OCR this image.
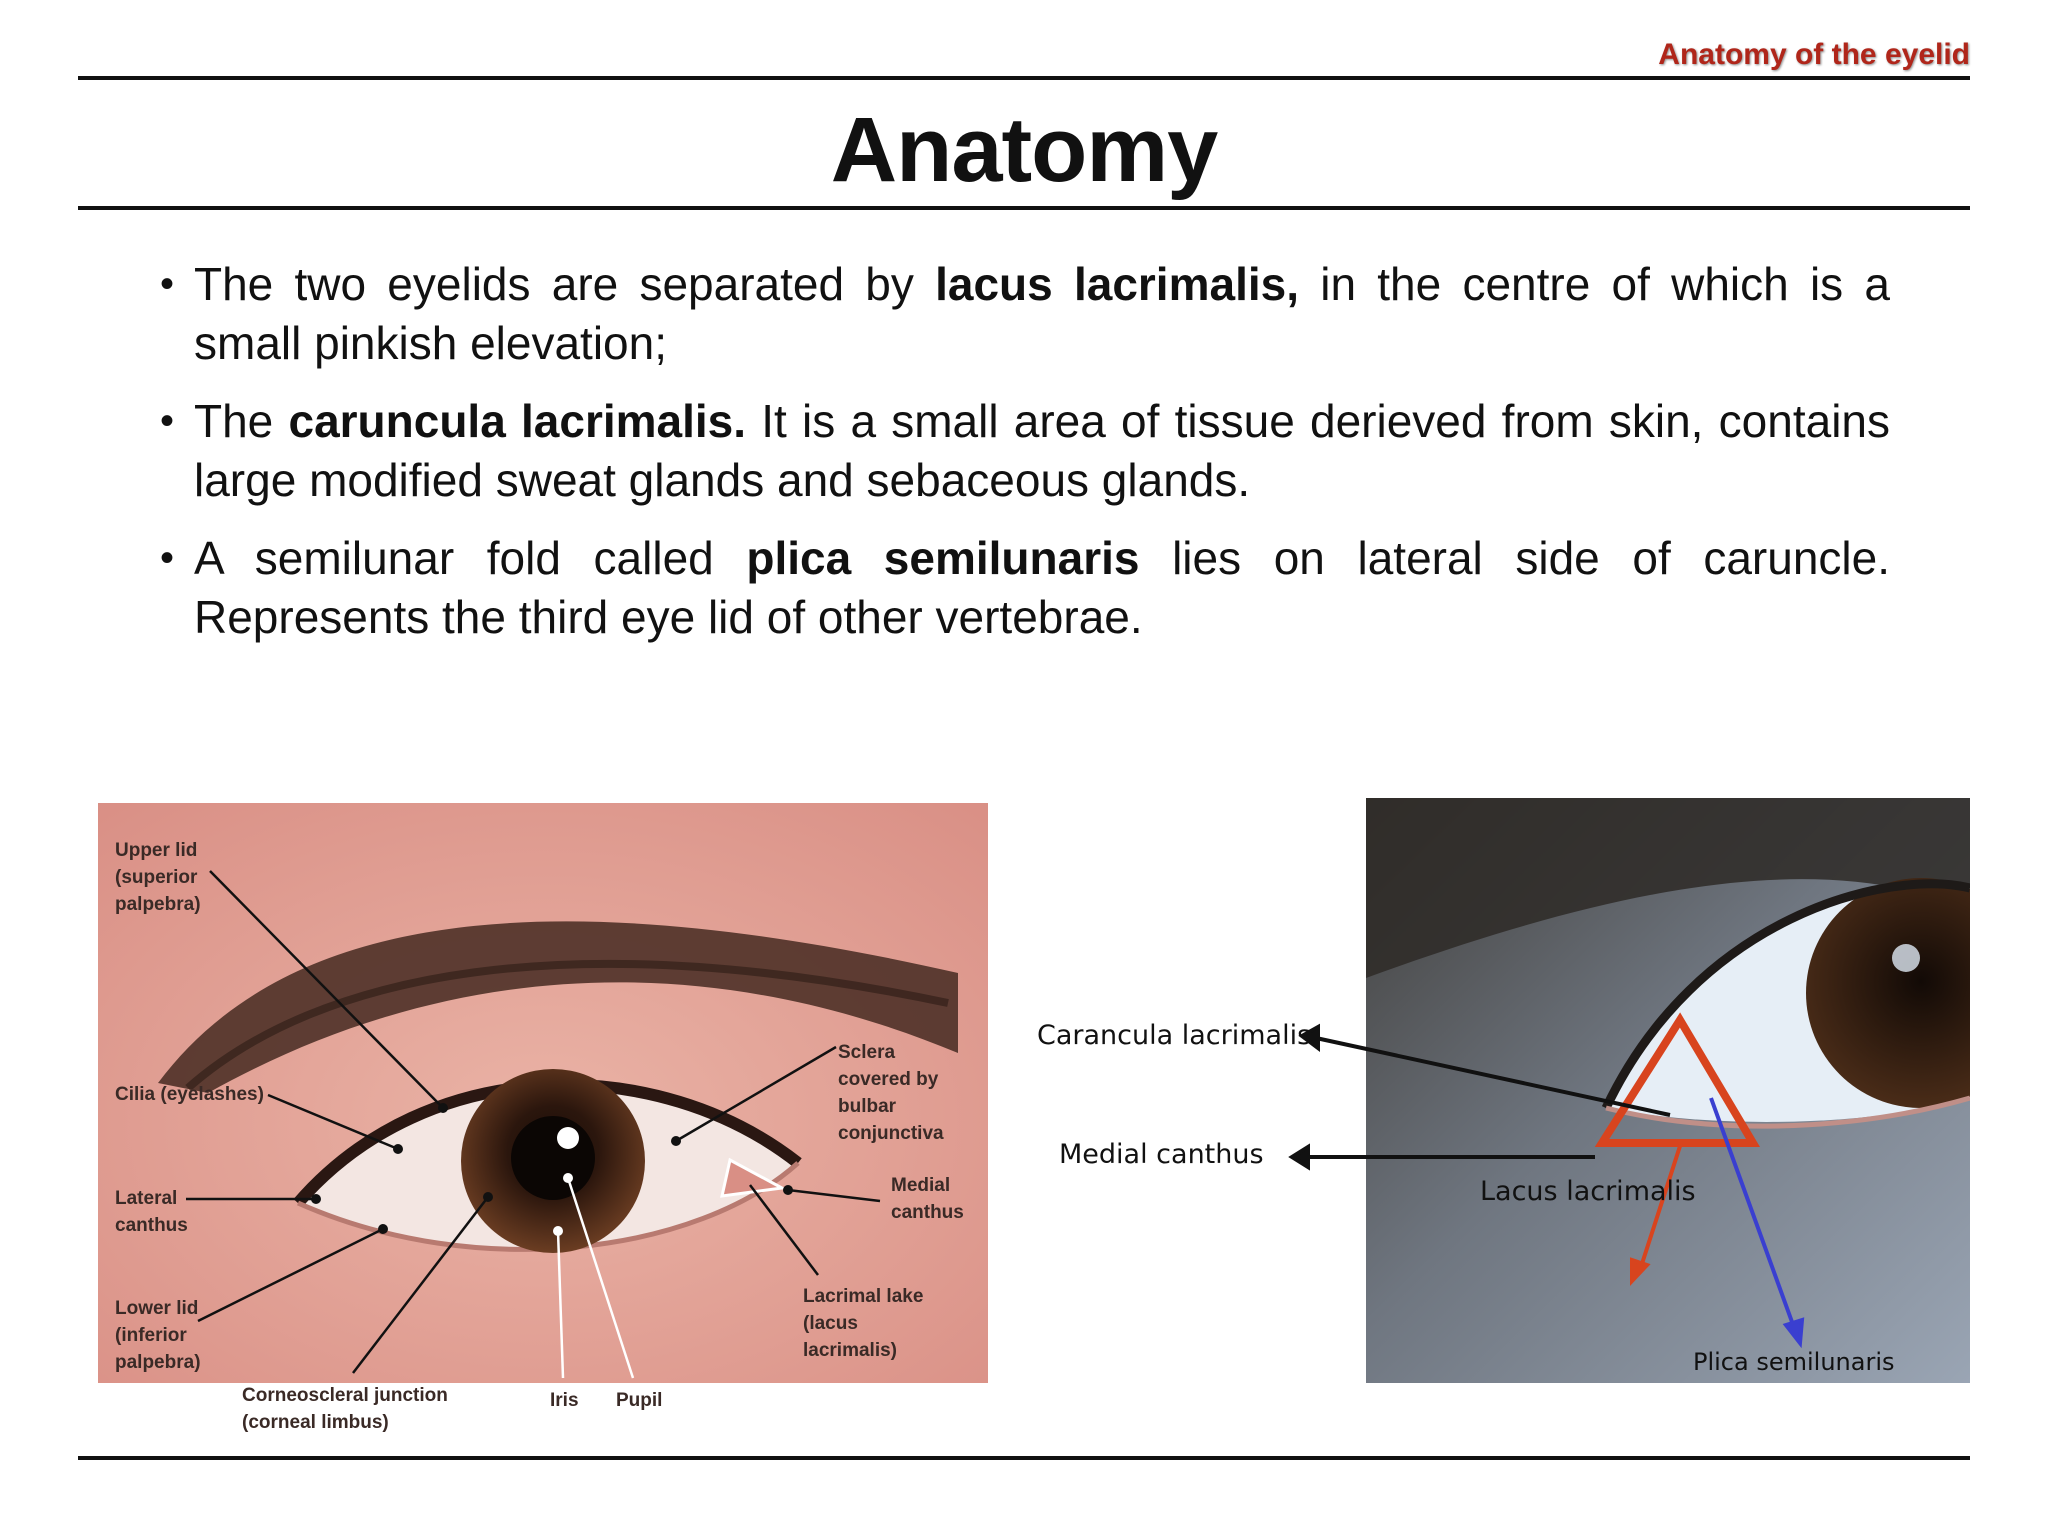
Anatomy of the eyelid
Anatomy
• The two eyelids are separated by lacus lacrimalis, in the centre of which is a small pinkish elevation;
• The caruncula lacrimalis. It is a small area of tissue derieved from skin, contains large modified sweat glands and sebaceous glands.
• A semilunar fold called plica semilunaris lies on lateral side of caruncle. Represents the third eye lid of other vertebrae.
Upper lid
(superior
palpebra)
Cilia (eyelashes)
Lateral
canthus
Lower lid
(inferior
palpebra)
Sclera
covered by
bulbar
conjunctiva
Medial
canthus
Lacrimal lake
(lacus
lacrimalis)
Corneoscleral junction
(corneal limbus)
Iris Pupil
Lacus lacrimalis
Plica semilunaris
Carancula lacrimalis
Medial canthus
